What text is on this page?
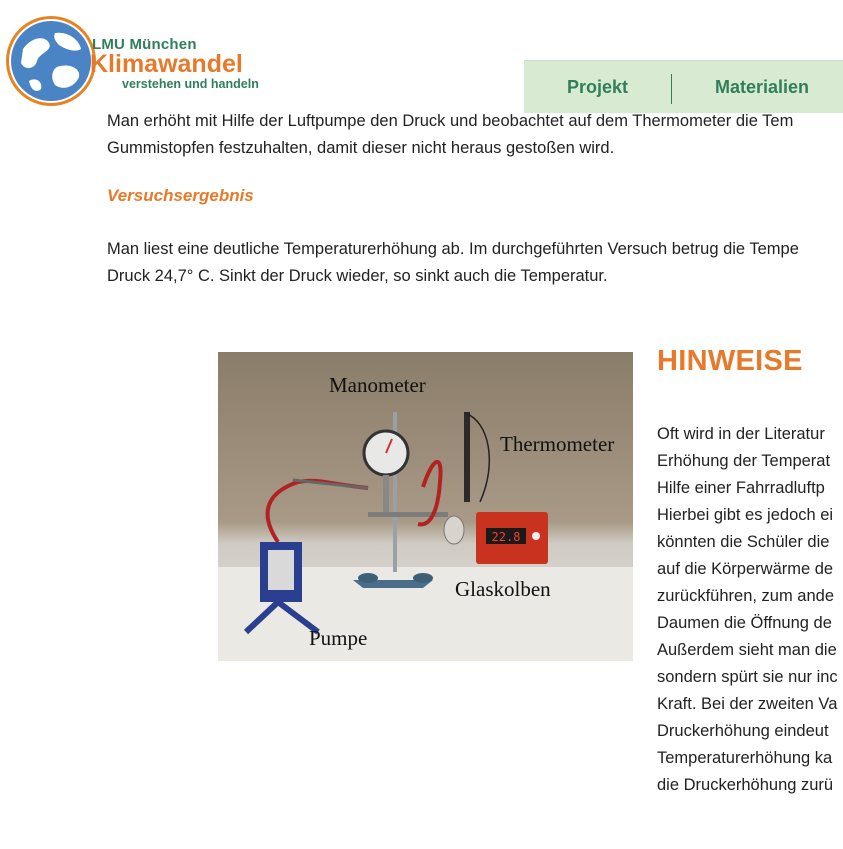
LMU München
Klimawandel
verstehen und handeln	Projekt	Materialien
Man erhöht mit Hilfe der Luftpumpe den Druck und beobachtet auf dem Thermometer die Tem
Gummistopfen festzuhalten, damit dieser nicht heraus gestoßen wird.
Versuchsergebnis
Man liest eine deutliche Temperaturerhöhung ab. Im durchgeführten Versuch betrug die Tempe
Druck 24,7° C. Sinkt der Druck wieder, so sinkt auch die Temperatur.
22.8
Manometer
Thermometer
Glaskolben
Pumpe
HINWEISE
Oft wird in der Literatur
Erhöhung der Temperat
Hilfe einer Fahrradluftp
Hierbei gibt es jedoch ei
könnten die Schüler die
auf die Körperwärme de
zurückführen, zum ande
Daumen die Öffnung de
Außerdem sieht man die
sondern spürt sie nur inc
Kraft. Bei der zweiten Va
Druckerhöhung eindeut
Temperaturerhöhung ka
die Druckerhöhung zurü
